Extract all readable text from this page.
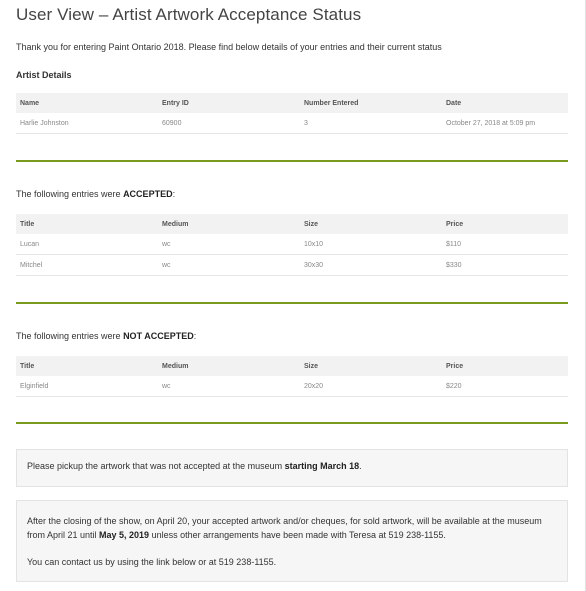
User View – Artist Artwork Acceptance Status
Thank you for entering Paint Ontario 2018. Please find below details of your entries and their current status
Artist Details
Name	Entry ID	Number Entered	Date
Harlie Johnston	60900	3	October 27, 2018 at 5:09 pm
The following entries were ACCEPTED:
Title	Medium	Size	Price
Lucan	wc	10x10	$110
Mitchel	wc	30x30	$330
The following entries were NOT ACCEPTED:
Title	Medium	Size	Price
Elginfield	wc	20x20	$220
Please pickup the artwork that was not accepted at the museum starting March 18.
After the closing of the show, on April 20, your accepted artwork and/or cheques, for sold artwork, will be available at the museum from April 21 until May 5, 2019 unless other arrangements have been made with Teresa at 519 238-1155.
You can contact us by using the link below or at 519 238-1155.
